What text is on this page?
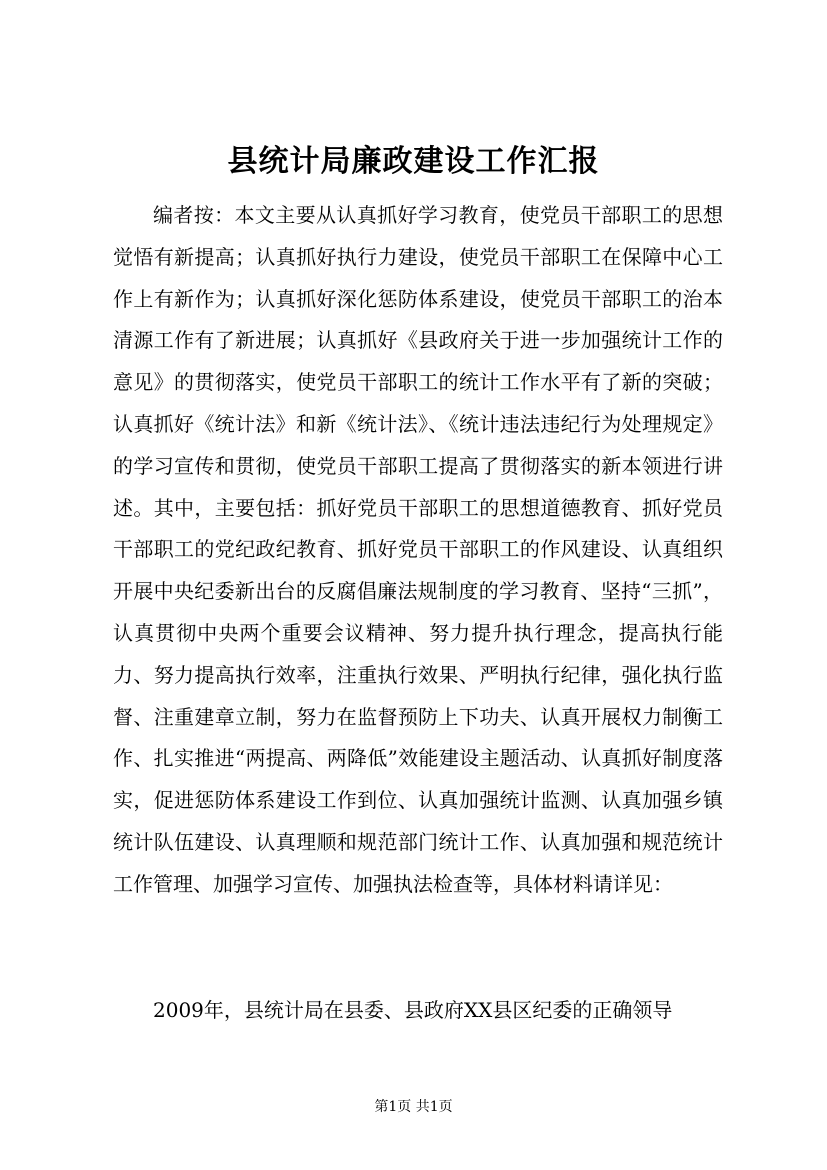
县统计局廉政建设工作汇报

编者按：本文主要从认真抓好学习教育，使党员干部职工的思想觉悟有新提高；认真抓好执行力建设，使党员干部职工在保障中心工作上有新作为；认真抓好深化惩防体系建设，使党员干部职工的治本清源工作有了新进展；认真抓好《县政府关于进一步加强统计工作的意见》的贯彻落实，使党员干部职工的统计工作水平有了新的突破；认真抓好《统计法》和新《统计法》、《统计违法违纪行为处理规定》的学习宣传和贯彻，使党员干部职工提高了贯彻落实的新本领进行讲述。其中，主要包括：抓好党员干部职工的思想道德教育、抓好党员干部职工的党纪政纪教育、抓好党员干部职工的作风建设、认真组织开展中央纪委新出台的反腐倡廉法规制度的学习教育、坚持“三抓”，认真贯彻中央两个重要会议精神、努力提升执行理念，提高执行能力、努力提高执行效率，注重执行效果、严明执行纪律，强化执行监督、注重建章立制，努力在监督预防上下功夫、认真开展权力制衡工作、扎实推进“两提高、两降低”效能建设主题活动、认真抓好制度落实，促进惩防体系建设工作到位、认真加强统计监测、认真加强乡镇统计队伍建设、认真理顺和规范部门统计工作、认真加强和规范统计工作管理、加强学习宣传、加强执法检查等，具体材料请详见：

2009年，县统计局在县委、县政府XX县区纪委的正确领导

第1页 共1页
